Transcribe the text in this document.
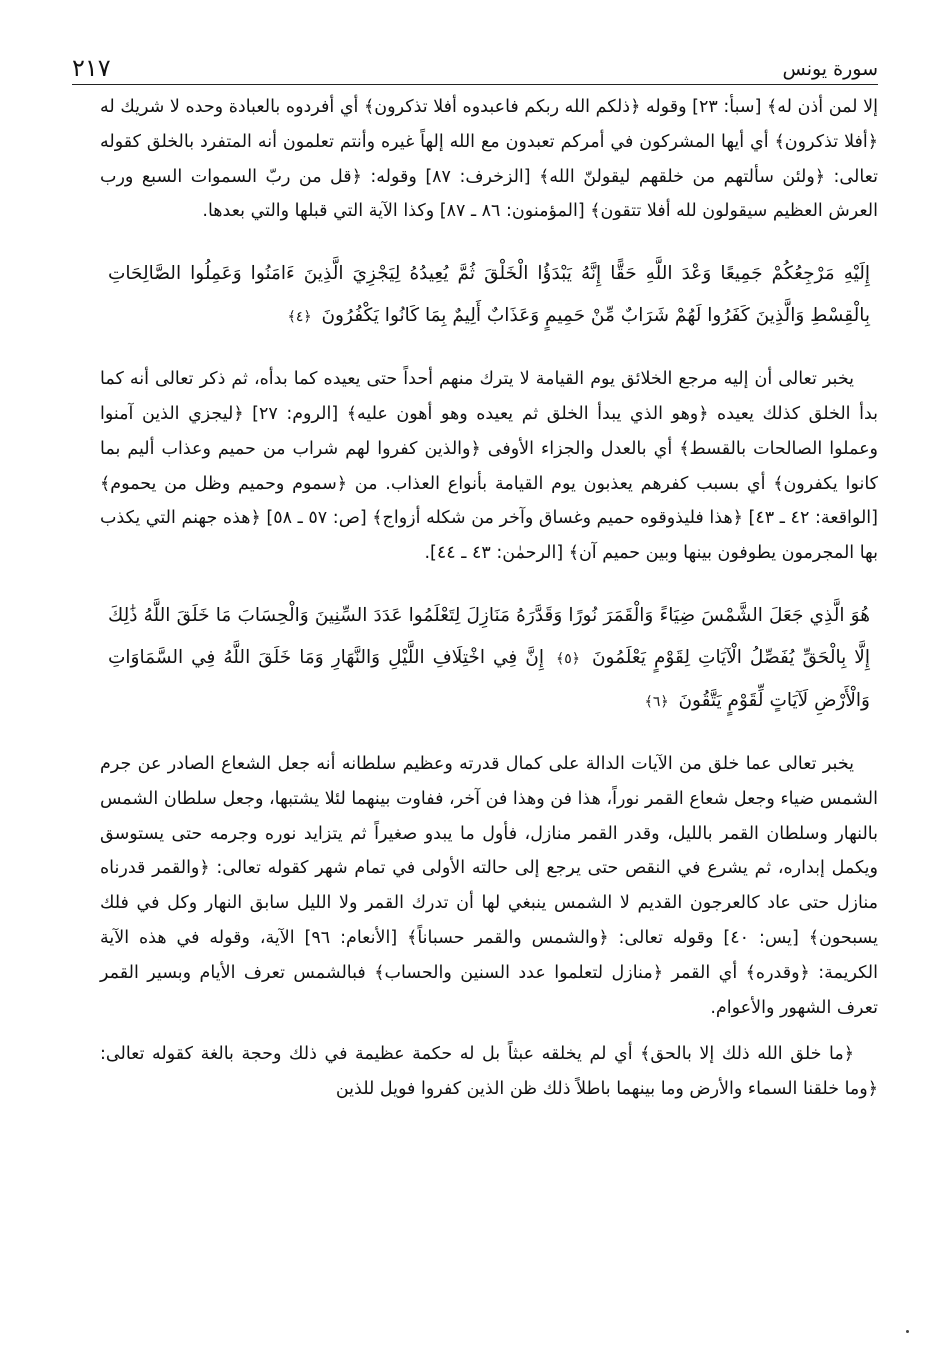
٢١٧	سورة يونس

إلا لمن أذن له﴾ [سبأ: ٢٣] وقوله ﴿ذلكم الله ربكم فاعبدوه أفلا تذكرون﴾ أي أفردوه بالعبادة وحده لا شريك له ﴿أفلا تذكرون﴾ أي أيها المشركون في أمركم تعبدون مع الله إلهاً غيره وأنتم تعلمون أنه المتفرد بالخلق كقوله تعالى: ﴿ولئن سألتهم من خلقهم ليقولنّ الله﴾ [الزخرف: ٨٧] وقوله: ﴿قل من ربّ السموات السبع ورب العرش العظيم سيقولون لله أفلا تتقون﴾ [المؤمنون: ٨٦ ـ ٨٧] وكذا الآية التي قبلها والتي بعدها.

إِلَيْهِ مَرْجِعُكُمْ جَمِيعًا وَعْدَ اللَّهِ حَقًّا إِنَّهُ يَبْدَؤُا الْخَلْقَ ثُمَّ يُعِيدُهُ لِيَجْزِيَ الَّذِينَ ءَامَنُوا وَعَمِلُوا الصَّالِحَاتِ بِالْقِسْطِ وَالَّذِينَ كَفَرُوا لَهُمْ شَرَابٌ مِّنْ حَمِيمٍ وَعَذَابٌ أَلِيمٌ بِمَا كَانُوا يَكْفُرُونَ ﴿٤﴾

يخبر تعالى أن إليه مرجع الخلائق يوم القيامة لا يترك منهم أحداً حتى يعيده كما بدأه، ثم ذكر تعالى أنه كما بدأ الخلق كذلك يعيده ﴿وهو الذي يبدأ الخلق ثم يعيده وهو أهون عليه﴾ [الروم: ٢٧] ﴿ليجزي الذين آمنوا وعملوا الصالحات بالقسط﴾ أي بالعدل والجزاء الأوفى ﴿والذين كفروا لهم شراب من حميم وعذاب أليم بما كانوا يكفرون﴾ أي بسبب كفرهم يعذبون يوم القيامة بأنواع العذاب. من ﴿سموم وحميم وظل من يحموم﴾ [الواقعة: ٤٢ ـ ٤٣] ﴿هذا فليذوقوه حميم وغساق وآخر من شكله أزواج﴾ [ص: ٥٧ ـ ٥٨] ﴿هذه جهنم التي يكذب بها المجرمون يطوفون بينها وبين حميم آن﴾ [الرحمٰن: ٤٣ ـ ٤٤].

هُوَ الَّذِي جَعَلَ الشَّمْسَ ضِيَاءً وَالْقَمَرَ نُورًا وَقَدَّرَهُ مَنَازِلَ لِتَعْلَمُوا عَدَدَ السِّنِينَ وَالْحِسَابَ مَا خَلَقَ اللَّهُ ذَٰلِكَ إِلَّا بِالْحَقِّ يُفَصِّلُ الْآيَاتِ لِقَوْمٍ يَعْلَمُونَ ﴿٥﴾ إِنَّ فِي اخْتِلَافِ اللَّيْلِ وَالنَّهَارِ وَمَا خَلَقَ اللَّهُ فِي السَّمَاوَاتِ وَالْأَرْضِ لَآيَاتٍ لِّقَوْمٍ يَتَّقُونَ ﴿٦﴾

يخبر تعالى عما خلق من الآيات الدالة على كمال قدرته وعظيم سلطانه أنه جعل الشعاع الصادر عن جرم الشمس ضياء وجعل شعاع القمر نوراً، هذا فن وهذا فن آخر، ففاوت بينهما لئلا يشتبها، وجعل سلطان الشمس بالنهار وسلطان القمر بالليل، وقدر القمر منازل، فأول ما يبدو صغيراً ثم يتزايد نوره وجرمه حتى يستوسق ويكمل إبداره، ثم يشرع في النقص حتى يرجع إلى حالته الأولى في تمام شهر كقوله تعالى: ﴿والقمر قدرناه منازل حتى عاد كالعرجون القديم لا الشمس ينبغي لها أن تدرك القمر ولا الليل سابق النهار وكل في فلك يسبحون﴾ [يس: ٤٠] وقوله تعالى: ﴿والشمس والقمر حسباناً﴾ [الأنعام: ٩٦] الآية، وقوله في هذه الآية الكريمة: ﴿وقدره﴾ أي القمر ﴿منازل لتعلموا عدد السنين والحساب﴾ فبالشمس تعرف الأيام وبسير القمر تعرف الشهور والأعوام.

﴿ما خلق الله ذلك إلا بالحق﴾ أي لم يخلقه عبثاً بل له حكمة عظيمة في ذلك وحجة بالغة كقوله تعالى: ﴿وما خلقنا السماء والأرض وما بينهما باطلاً ذلك ظن الذين كفروا فويل للذين
